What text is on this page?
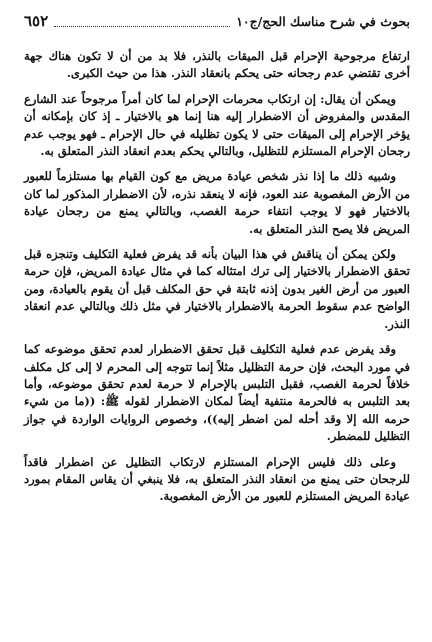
بحوث في شرح مناسك الحج/ج١٠
٦٥٢

ارتفاع مرجوحية الإحرام قبل الميقات بالنذر، فلا بد من أن لا تكون هناك جهة أخرى تقتضي عدم رجحانه حتى يحكم بانعقاد النذر. هذا من حيث الكبرى.

ويمكن أن يقال: إن ارتكاب محرمات الإحرام لما كان أمراً مرجوحاً عند الشارع المقدس والمفروض أن الاضطرار إليه هنا إنما هو بالاختيار ـ إذ كان بإمكانه أن يؤخر الإحرام إلى الميقات حتى لا يكون تظليله في حال الإحرام ـ فهو يوجب عدم رجحان الإحرام المستلزم للتظليل، وبالتالي يحكم بعدم انعقاد النذر المتعلق به.

وشبيه ذلك ما إذا نذر شخص عيادة مريض مع كون القيام بها مستلزماً للعبور من الأرض المغصوبة عند العود، فإنه لا ينعقد نذره، لأن الاضطرار المذكور لما كان بالاختيار فهو لا يوجب انتفاء حرمة الغصب، وبالتالي يمنع من رجحان عيادة المريض فلا يصح النذر المتعلق به.

ولكن يمكن أن يناقش في هذا البيان بأنه قد يفرض فعلية التكليف وتنجزه قبل تحقق الاضطرار بالاختيار إلى ترك امتثاله كما في مثال عيادة المريض، فإن حرمة العبور من أرض الغير بدون إذنه ثابتة في حق المكلف قبل أن يقوم بالعيادة، ومن الواضح عدم سقوط الحرمة بالاضطرار بالاختيار في مثل ذلك وبالتالي عدم انعقاد النذر.

وقد يفرض عدم فعلية التكليف قبل تحقق الاضطرار لعدم تحقق موضوعه كما في مورد البحث، فإن حرمة التظليل مثلاً إنما تتوجه إلى المحرم لا إلى كل مكلف خلافاً لحرمة الغصب، فقبل التلبس بالإحرام لا حرمة لعدم تحقق موضوعه، وأما بعد التلبس به فالحرمة منتفية أيضاً لمكان الاضطرار لقوله ﷺ: ((ما من شيء حرمه الله إلا وقد أحله لمن اضطر إليه))، وخصوص الروايات الواردة في جواز التظليل للمضطر.

وعلى ذلك فليس الإحرام المستلزم لارتكاب التظليل عن اضطرار فاقداً للرجحان حتى يمنع من انعقاد النذر المتعلق به، فلا ينبغي أن يقاس المقام بمورد عيادة المريض المستلزم للعبور من الأرض المغصوبة.
